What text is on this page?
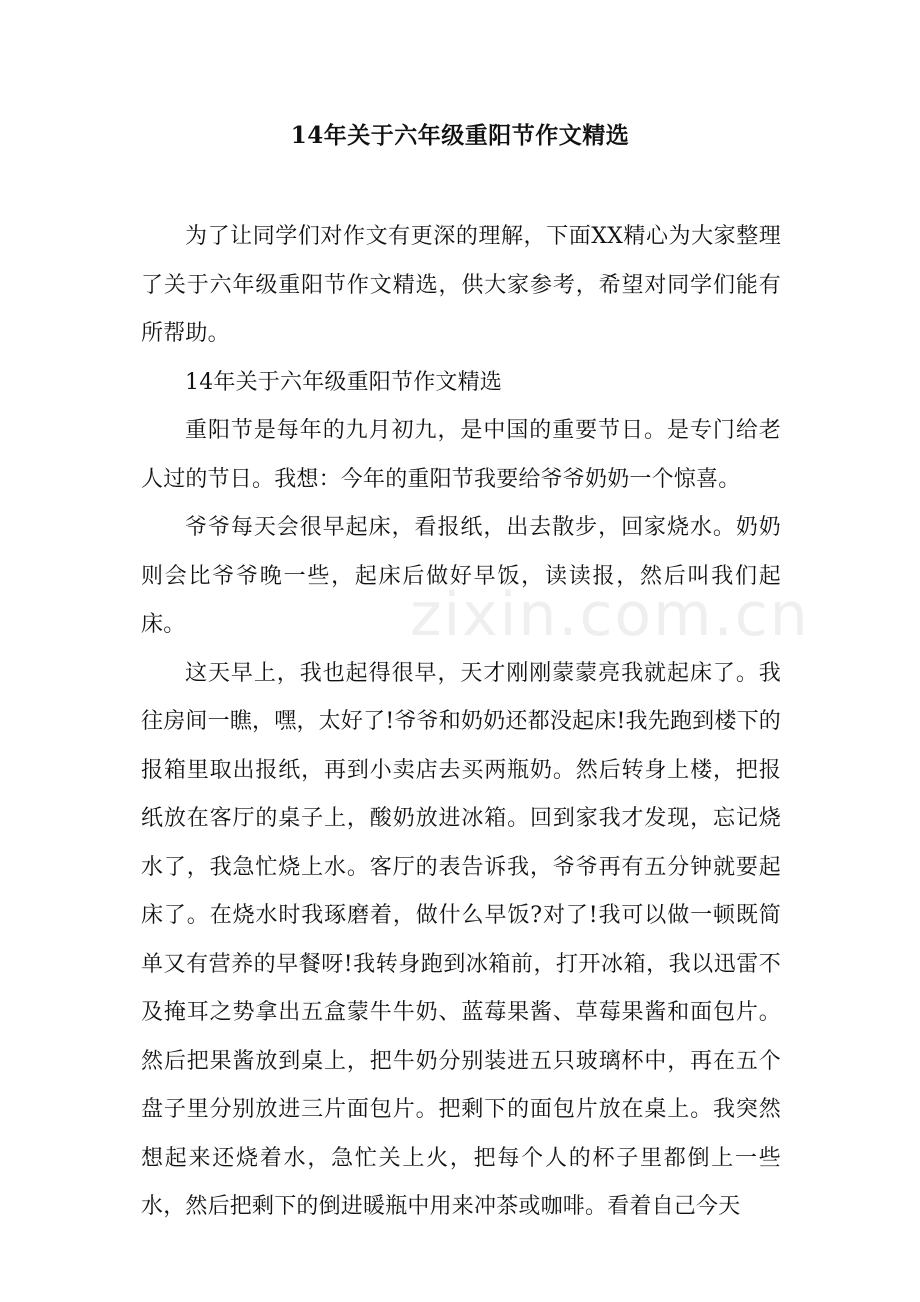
14年关于六年级重阳节作文精选

为了让同学们对作文有更深的理解，下面XX精心为大家整理了关于六年级重阳节作文精选，供大家参考，希望对同学们能有所帮助。

14年关于六年级重阳节作文精选

重阳节是每年的九月初九，是中国的重要节日。是专门给老人过的节日。我想：今年的重阳节我要给爷爷奶奶一个惊喜。

爷爷每天会很早起床，看报纸，出去散步，回家烧水。奶奶则会比爷爷晚一些，起床后做好早饭，读读报，然后叫我们起床。

这天早上，我也起得很早，天才刚刚蒙蒙亮我就起床了。我往房间一瞧，嘿，太好了!爷爷和奶奶还都没起床!我先跑到楼下的报箱里取出报纸，再到小卖店去买两瓶奶。然后转身上楼，把报纸放在客厅的桌子上，酸奶放进冰箱。回到家我才发现，忘记烧水了，我急忙烧上水。客厅的表告诉我，爷爷再有五分钟就要起床了。在烧水时我琢磨着，做什么早饭?对了!我可以做一顿既简单又有营养的早餐呀!我转身跑到冰箱前，打开冰箱，我以迅雷不及掩耳之势拿出五盒蒙牛牛奶、蓝莓果酱、草莓果酱和面包片。然后把果酱放到桌上，把牛奶分别装进五只玻璃杯中，再在五个盘子里分别放进三片面包片。把剩下的面包片放在桌上。我突然想起来还烧着水，急忙关上火，把每个人的杯子里都倒上一些水，然后把剩下的倒进暖瓶中用来冲茶或咖啡。看着自己今天

zixin.com.cn
